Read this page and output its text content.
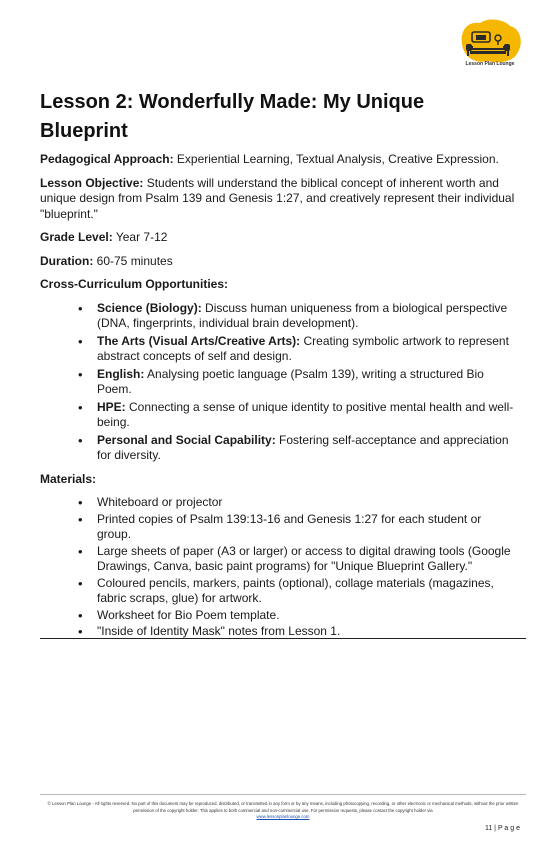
Lesson Plan Lounge
Lesson 2: Wonderfully Made: My Unique Blueprint

Pedagogical Approach: Experiential Learning, Textual Analysis, Creative Expression.

Lesson Objective: Students will understand the biblical concept of inherent worth and unique design from Psalm 139 and Genesis 1:27, and creatively represent their individual "blueprint."

Grade Level: Year 7-12

Duration: 60-75 minutes

Cross-Curriculum Opportunities:

• Science (Biology): Discuss human uniqueness from a biological perspective (DNA, fingerprints, individual brain development).
• The Arts (Visual Arts/Creative Arts): Creating symbolic artwork to represent abstract concepts of self and design.
• English: Analysing poetic language (Psalm 139), writing a structured Bio Poem.
• HPE: Connecting a sense of unique identity to positive mental health and well-being.
• Personal and Social Capability: Fostering self-acceptance and appreciation for diversity.

Materials:

• Whiteboard or projector
• Printed copies of Psalm 139:13-16 and Genesis 1:27 for each student or group.
• Large sheets of paper (A3 or larger) or access to digital drawing tools (Google Drawings, Canva, basic paint programs) for "Unique Blueprint Gallery."
• Coloured pencils, markers, paints (optional), collage materials (magazines, fabric scraps, glue) for artwork.
• Worksheet for Bio Poem template.
• "Inside of Identity Mask" notes from Lesson 1.
© Lesson Plan Lounge - All rights reserved. No part of this document may be reproduced, distributed, or transmitted in any form or by any means, including photocopying, recording, or other electronic or mechanical methods, without the prior written permission of the copyright holder. This applies to both commercial and non-commercial use. For permission requests, please contact the copyright holder via
www.lessonplanlounge.com
11 | P a g e
